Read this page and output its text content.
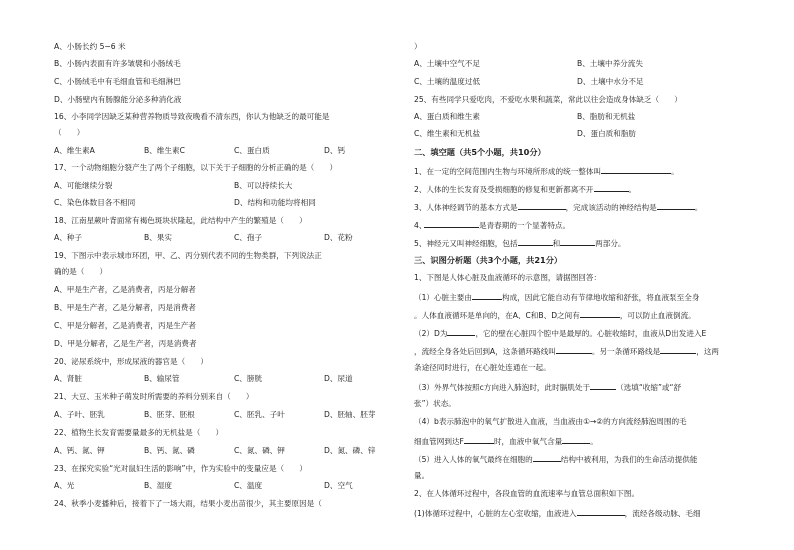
A、小肠长约 5~6 米
B、小肠内表面有许多皱襞和小肠绒毛
C、小肠绒毛中有毛细血管和毛细淋巴
D、小肠壁内有肠腺能分泌多种消化液
16、小李同学因缺乏某种营养物质导致夜晚看不清东西，你认为他缺乏的最可能是
（　　）
A、维生素A	B、维生素C	C、蛋白质	D、钙
17、一个动物细胞分裂产生了两个子细胞，以下关于子细胞的分析正确的是（　　）
A、可能继续分裂	B、可以持续长大
C、染色体数目各不相同	D、结构和功能均将相同
18、江南星蕨叶背面常有褐色斑块状隆起，此结构中产生的繁殖是（　　）
A、种子	B、果实	C、孢子	D、花粉
19、下图示中表示城市环团，甲、乙、丙分别代表不同的生物类群，下列说法正
确的是（　　）
A、甲是生产者，乙是消费者，丙是分解者
B、甲是生产者，乙是分解者，丙是消费者
C、甲是分解者，乙是消费者，丙是生产者
D、甲是分解者，乙是生产者，丙是消费者
20、泌尿系统中，形成尿液的器官是（　　）
A、肾脏	B、输尿管	C、膀胱	D、尿道
21、大豆、玉米种子萌发时所需要的养料分别来自（　　）
A、子叶、胚乳	B、胚芽、胚根	C、胚乳、子叶	D、胚轴、胚芽
22、植物生长发育需要量最多的无机盐是（　　）
A、钙、氮、钾	B、钙、氮、磷	C、氮、磷、钾	D、氮、磷、锌
23、在探究实验“光对鼠妇生活的影响”中，作为实验中的变量应是（　　）
A、光	B、湿度	C、温度	D、空气
24、秋季小麦播种后，接着下了一场大雨，结果小麦出苗很少，其主要原因是（
）
A、土壤中空气不足	B、土壤中养分流失
C、土壤的温度过低	D、土壤中水分不足
25、有些同学只爱吃肉，不爱吃水果和蔬菜，常此以往会造成身体缺乏（　　）
A、蛋白质和维生素	B、脂肪和无机盐
C、维生素和无机盐	D、蛋白质和脂肪
二、填空题（共5个小题，共10分）
1、在一定的空间范围内生物与环境所形成的统一整体叫	。
2、人体的生长发育及受损细胞的修复和更新都离不开	。
3、人体神经调节的基本方式是	，完成该活动的神经结构是	。
4、	是青春期的一个显著特点。
5、神经元又叫神经细胞，包括	和	两部分。
三、识图分析题（共3个小题，共21分）
1、下图是人体心脏及血液循环的示意图，请据图回答：
（1）心脏主要由	构成，因此它能自动有节律地收缩和舒张，将血液泵至全身
。人体血液循环是单向的，在A、C和B、D之间有	，可以防止血液倒流。
（2）D为	，它的壁在心脏四个腔中是最厚的。心脏收缩时，血液从D出发进入E
，流经全身各处后回到A，这条循环路线叫	。另一条循环路线是	，这两
条途径同时进行，在心脏处连通在一起。
（3）外界气体按照c方向进入肺泡时，此时膈肌处于	（选填“收缩”或“舒
张”）状态。
（4）b表示肺泡中的氧气扩散进入血液，当血液由①→②的方向流经肺泡周围的毛
细血管网到达F	时，血液中氧气含量	。
（5）进入人体的氧气最终在细胞的	结构中被利用，为我们的生命活动提供能
量。
2、在人体循环过程中，各段血管的血流速率与血管总面积如下图。
(1)体循环过程中，心脏的左心室收缩，血液进入	，流经各级动脉、毛细
